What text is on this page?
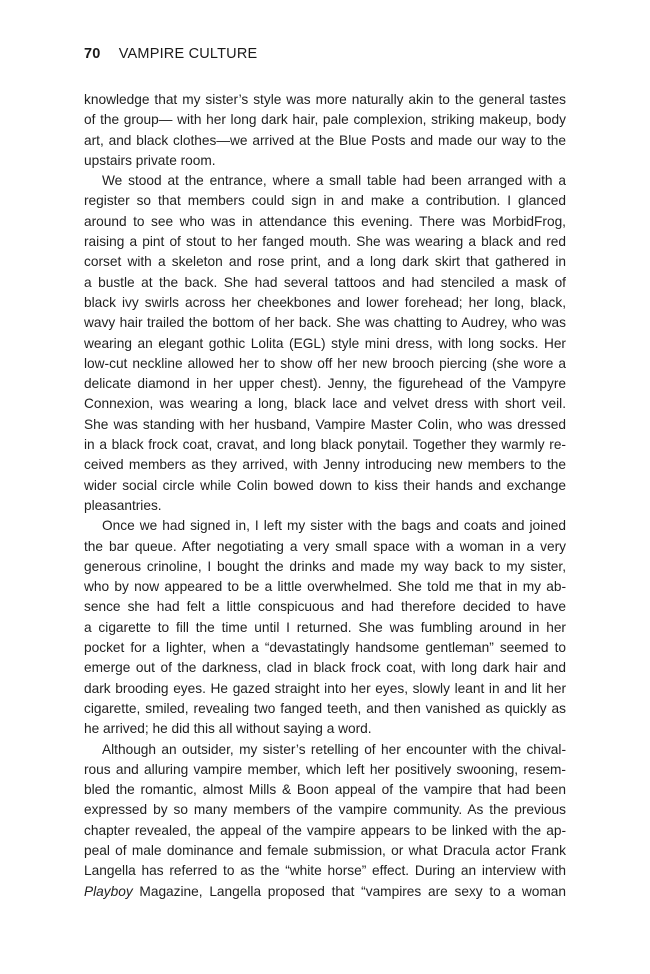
70 VAMPIRE CULTURE
knowledge that my sister’s style was more naturally akin to the general tastes
of the group— with her long dark hair, pale complexion, striking makeup, body
art, and black clothes—we arrived at the Blue Posts and made our way to the
upstairs private room.
We stood at the entrance, where a small table had been arranged with a
register so that members could sign in and make a contribution. I glanced
around to see who was in attendance this evening. There was MorbidFrog,
raising a pint of stout to her fanged mouth. She was wearing a black and red
corset with a skeleton and rose print, and a long dark skirt that gathered in
a bustle at the back. She had several tattoos and had stenciled a mask of
black ivy swirls across her cheekbones and lower forehead; her long, black,
wavy hair trailed the bottom of her back. She was chatting to Audrey, who was
wearing an elegant gothic Lolita (EGL) style mini dress, with long socks. Her
low-cut neckline allowed her to show off her new brooch piercing (she wore a
delicate diamond in her upper chest). Jenny, the figurehead of the Vampyre
Connexion, was wearing a long, black lace and velvet dress with short veil.
She was standing with her husband, Vampire Master Colin, who was dressed
in a black frock coat, cravat, and long black ponytail. Together they warmly re-
ceived members as they arrived, with Jenny introducing new members to the
wider social circle while Colin bowed down to kiss their hands and exchange
pleasantries.
Once we had signed in, I left my sister with the bags and coats and joined
the bar queue. After negotiating a very small space with a woman in a very
generous crinoline, I bought the drinks and made my way back to my sister,
who by now appeared to be a little overwhelmed. She told me that in my ab-
sence she had felt a little conspicuous and had therefore decided to have
a cigarette to fill the time until I returned. She was fumbling around in her
pocket for a lighter, when a “devastatingly handsome gentleman” seemed to
emerge out of the darkness, clad in black frock coat, with long dark hair and
dark brooding eyes. He gazed straight into her eyes, slowly leant in and lit her
cigarette, smiled, revealing two fanged teeth, and then vanished as quickly as
he arrived; he did this all without saying a word.
Although an outsider, my sister’s retelling of her encounter with the chival-
rous and alluring vampire member, which left her positively swooning, resem-
bled the romantic, almost Mills & Boon appeal of the vampire that had been
expressed by so many members of the vampire community. As the previous
chapter revealed, the appeal of the vampire appears to be linked with the ap-
peal of male dominance and female submission, or what Dracula actor Frank
Langella has referred to as the “white horse” effect. During an interview with
Playboy Magazine, Langella proposed that “vampires are sexy to a woman
